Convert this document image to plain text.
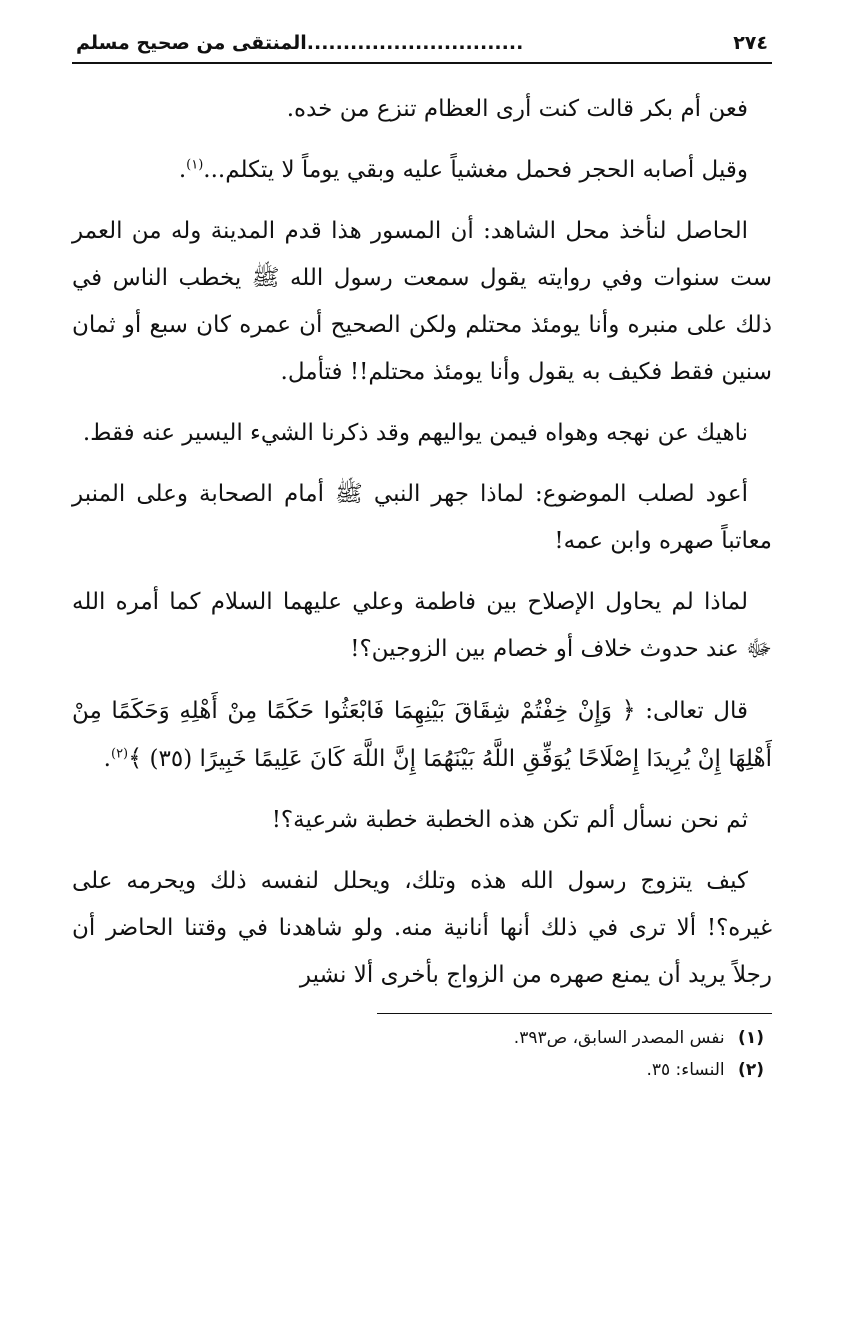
٢٧٤
..............................المنتقى من صحيح مسلم

فعن أم بكر قالت كنت أرى العظام تنزع من خده.

وقيل أصابه الحجر فحمل مغشياً عليه وبقي يوماً لا يتكلم...$^{(١)}$.

الحاصل لنأخذ محل الشاهد: أن المسور هذا قدم المدينة وله من العمر ست سنوات وفي روايته يقول سمعت رسول الله ﷺ يخطب الناس في ذلك على منبره وأنا يومئذ محتلم ولكن الصحيح أن عمره كان سبع أو ثمان سنين فقط فكيف به يقول وأنا يومئذ محتلم!! فتأمل.

ناهيك عن نهجه وهواه فيمن يواليهم وقد ذكرنا الشيء اليسير عنه فقط.

أعود لصلب الموضوع: لماذا جهر النبي ﷺ أمام الصحابة وعلى المنبر معاتباً صهره وابن عمه!

لماذا لم يحاول الإصلاح بين فاطمة وعلي عليهما السلام كما أمره الله ﷻ عند حدوث خلاف أو خصام بين الزوجين؟!

قال تعالى: ﴿ وَإِنْ خِفْتُمْ شِقَاقَ بَيْنِهِمَا فَابْعَثُوا حَكَمًا مِنْ أَهْلِهِ وَحَكَمًا مِنْ أَهْلِهَا إِنْ يُرِيدَا إِصْلَاحًا يُوَفِّقِ اللَّهُ بَيْنَهُمَا إِنَّ اللَّهَ كَانَ عَلِيمًا خَبِيرًا (٣٥) ﴾$^{(٢)}$.

ثم نحن نسأل ألم تكن هذه الخطبة خطبة شرعية؟!

كيف يتزوج رسول الله هذه وتلك، ويحلل لنفسه ذلك ويحرمه على غيره؟! ألا ترى في ذلك أنها أنانية منه. ولو شاهدنا في وقتنا الحاضر أن رجلاً يريد أن يمنع صهره من الزواج بأخرى ألا نشير

(١) نفس المصدر السابق، ص٣٩٣.
(٢) النساء: ٣٥.
